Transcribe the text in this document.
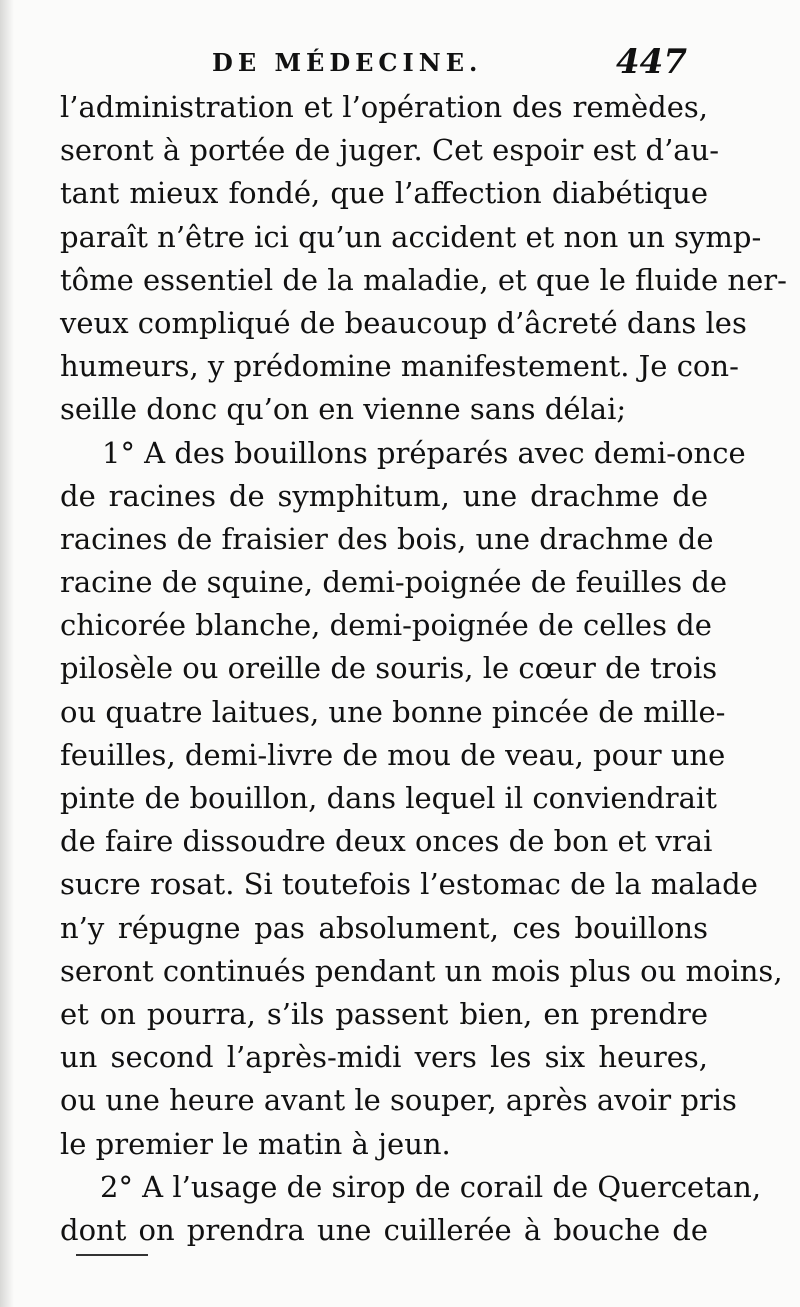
DE MÉDECINE.	447
l’administration et l’opération des remèdes,
seront à portée de juger. Cet espoir est d’au-
tant mieux fondé, que l’affection diabétique
paraît n’être ici qu’un accident et non un symp-
tôme essentiel de la maladie, et que le fluide ner-
veux compliqué de beaucoup d’âcreté dans les
humeurs, y prédomine manifestement. Je con-
seille donc qu’on en vienne sans délai;
1° A des bouillons préparés avec demi-once
de racines de symphitum, une drachme de
racines de fraisier des bois, une drachme de
racine de squine, demi-poignée de feuilles de
chicorée blanche, demi-poignée de celles de
pilosèle ou oreille de souris, le cœur de trois
ou quatre laitues, une bonne pincée de mille-
feuilles, demi-livre de mou de veau, pour une
pinte de bouillon, dans lequel il conviendrait
de faire dissoudre deux onces de bon et vrai
sucre rosat. Si toutefois l’estomac de la malade
n’y répugne pas absolument, ces bouillons
seront continués pendant un mois plus ou moins,
et on pourra, s’ils passent bien, en prendre
un second l’après-midi vers les six heures,
ou une heure avant le souper, après avoir pris
le premier le matin à jeun.
2° A l’usage de sirop de corail de Quercetan,
dont on prendra une cuillerée à bouche de
